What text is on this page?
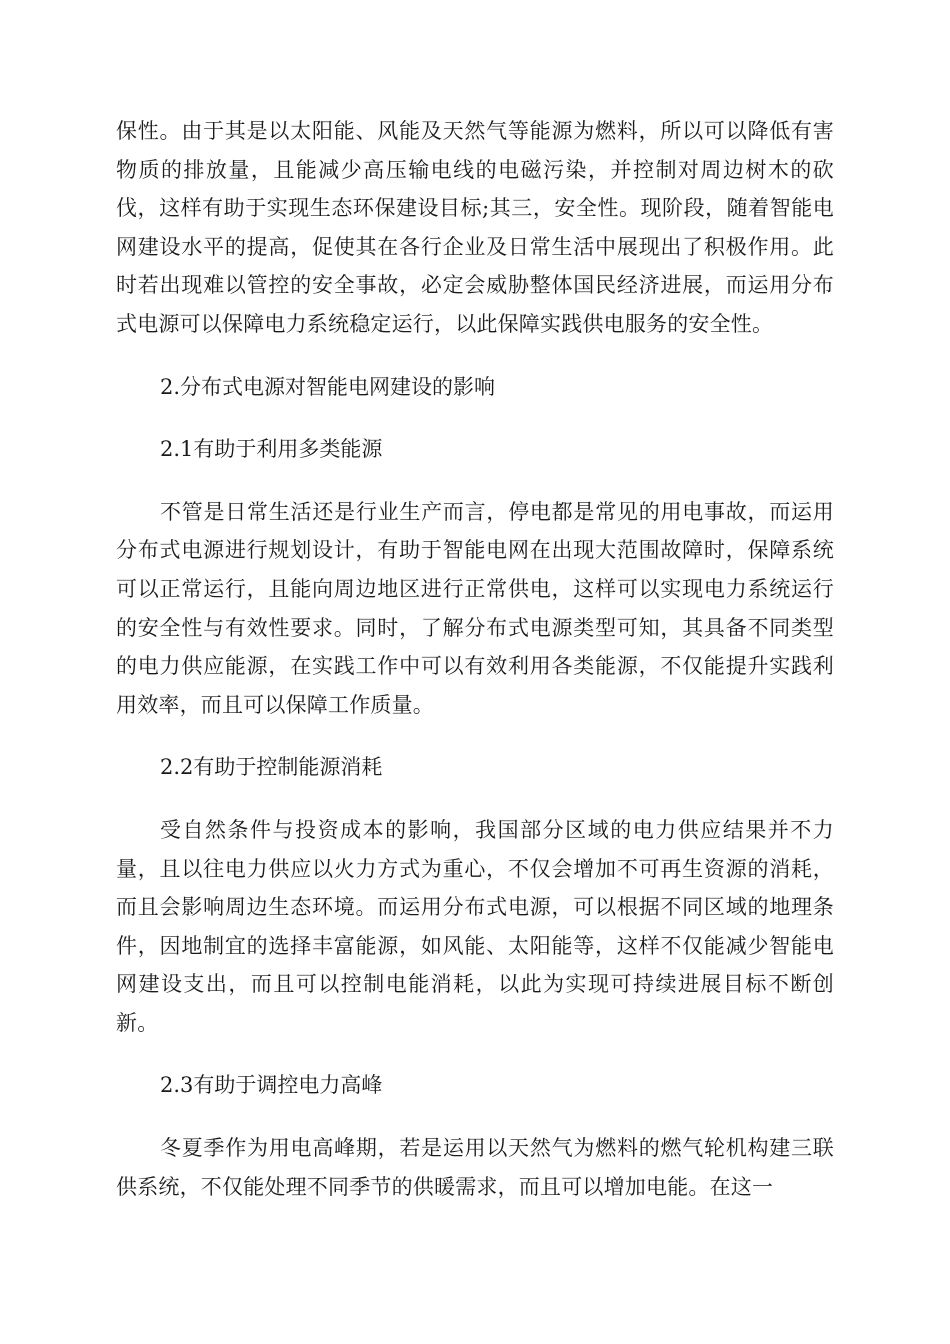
保性。由于其是以太阳能、风能及天然气等能源为燃料，所以可以降低有害物质的排放量，且能减少高压输电线的电磁污染，并控制对周边树木的砍伐，这样有助于实现生态环保建设目标;其三，安全性。现阶段，随着智能电网建设水平的提高，促使其在各行企业及日常生活中展现出了积极作用。此时若出现难以管控的安全事故，必定会威胁整体国民经济进展，而运用分布式电源可以保障电力系统稳定运行，以此保障实践供电服务的安全性。

2.分布式电源对智能电网建设的影响

2.1有助于利用多类能源

不管是日常生活还是行业生产而言，停电都是常见的用电事故，而运用分布式电源进行规划设计，有助于智能电网在出现大范围故障时，保障系统可以正常运行，且能向周边地区进行正常供电，这样可以实现电力系统运行的安全性与有效性要求。同时，了解分布式电源类型可知，其具备不同类型的电力供应能源，在实践工作中可以有效利用各类能源，不仅能提升实践利用效率，而且可以保障工作质量。

2.2有助于控制能源消耗

受自然条件与投资成本的影响，我国部分区域的电力供应结果并不力量，且以往电力供应以火力方式为重心，不仅会增加不可再生资源的消耗，而且会影响周边生态环境。而运用分布式电源，可以根据不同区域的地理条件，因地制宜的选择丰富能源，如风能、太阳能等，这样不仅能减少智能电网建设支出，而且可以控制电能消耗，以此为实现可持续进展目标不断创新。

2.3有助于调控电力高峰

冬夏季作为用电高峰期，若是运用以天然气为燃料的燃气轮机构建三联供系统，不仅能处理不同季节的供暖需求，而且可以增加电能。在这一
